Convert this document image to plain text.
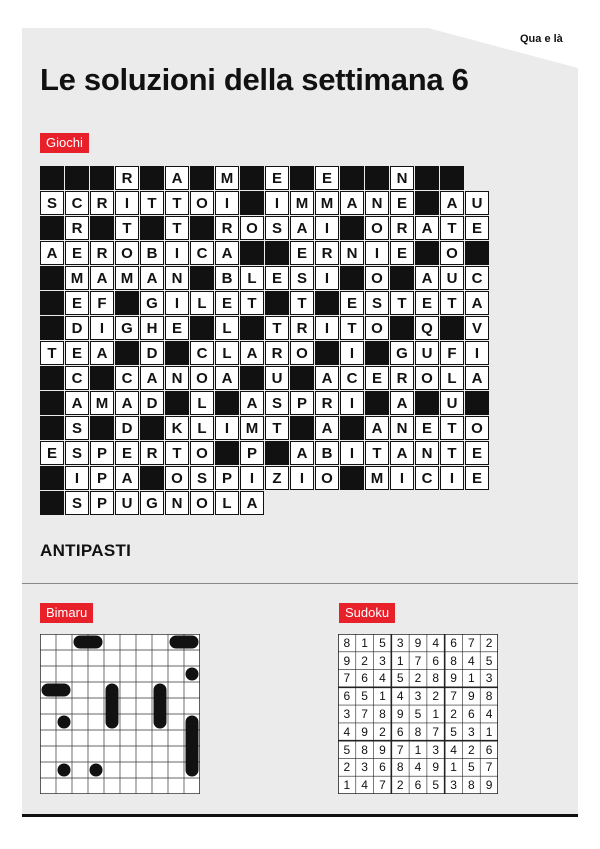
Qua e là
Le soluzioni della settimana 6
Giochi
R	A	M	E	E	N
S C R	I	T	T O	I	I	M M A N E	A U
R	T	T	R O S A	I	O R A T	E
A E R O B	I	C A	E R N	I	E	O
M A M A N	B L	E S	I	O	A U C
E	F	G	I	L	E	T	T	E S	T	E	T	A
D	I	G H E	L	T	R	I	T O	Q	V
T	E A	D	C L	A R O	I	G U F	I
C	C A N O A	U	A C E R O L	A
A M A D	L	A S P R	I	A	U
S	D	K L	I	M T	A	A N E	T O
E S P E R T O	P	A B	I	T	A N T	E
I	P A	O S P	I	Z	I	O	M	I	C	I	E
S P U G N O L	A
ANTIPASTI
Bimaru	Sudoku
8 1 5 3 9 4 6 7 2
9 2 3 1 7 6 8 4 5
7 6 4 5 2 8 9 1 3
6 5 1 4 3 2 7 9 8
3 7 8 9 5 1 2 6 4
4 9 2 6 8 7 5 3 1
5 8 9 7 1 3 4 2 6
2 3 6 8 4 9 1 5 7
1 4 7 2 6 5 3 8 9
